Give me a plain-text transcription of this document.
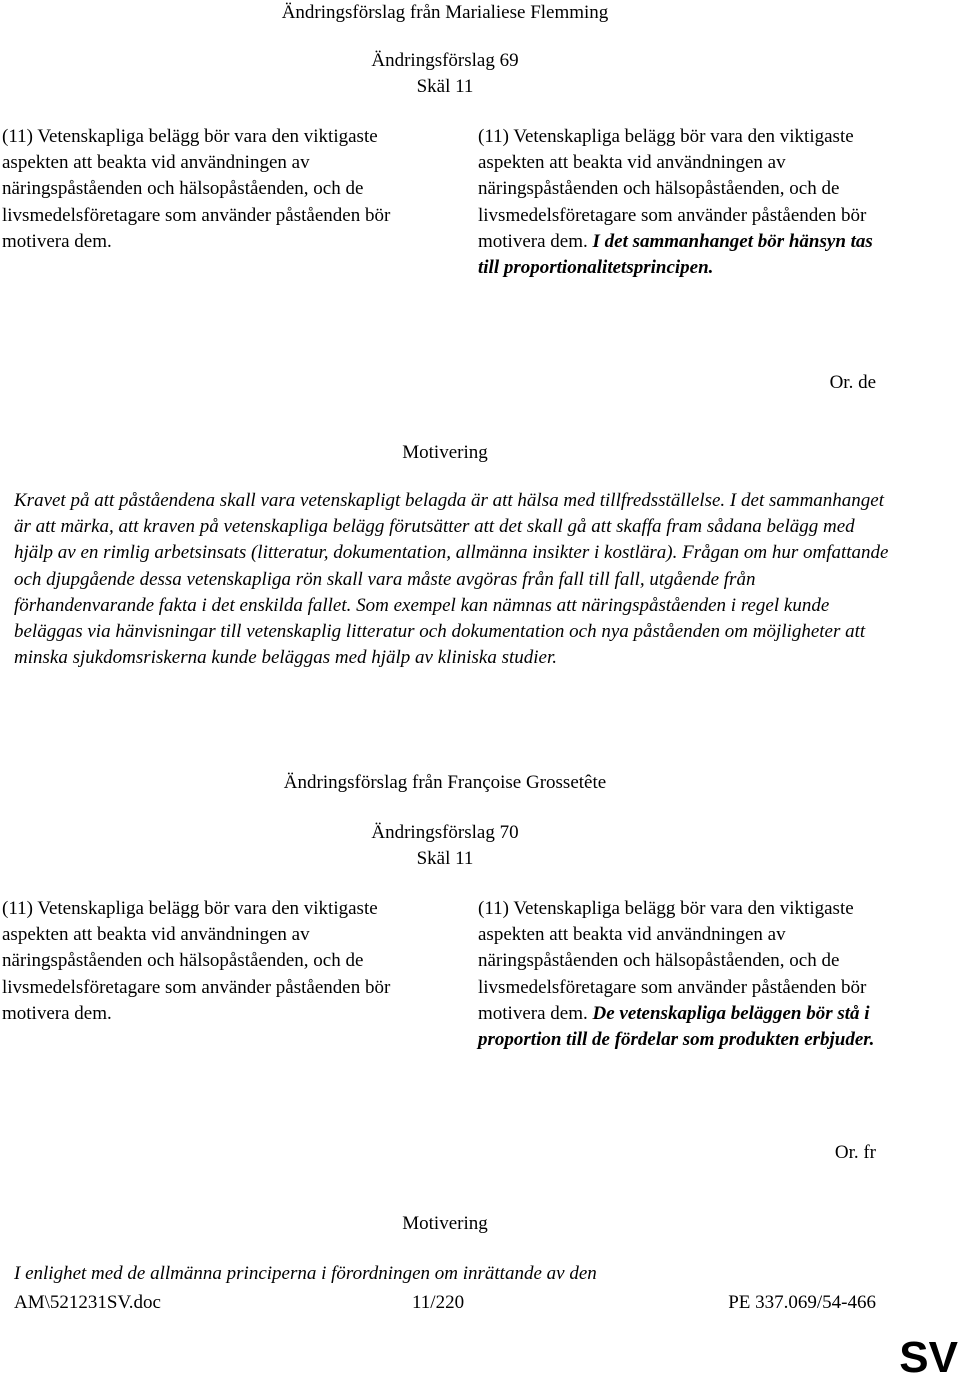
Ändringsförslag från Marialiese Flemming
Ändringsförslag 69
Skäl 11
(11) Vetenskapliga belägg bör vara den viktigaste aspekten att beakta vid användningen av näringspåståenden och hälsopåståenden, och de livsmedelsföretagare som använder påståenden bör motivera dem.
(11) Vetenskapliga belägg bör vara den viktigaste aspekten att beakta vid användningen av näringspåståenden och hälsopåståenden, och de livsmedelsföretagare som använder påståenden bör motivera dem. I det sammanhanget bör hänsyn tas till proportionalitetsprincipen.
Or. de
Motivering
Kravet på att påståendena skall vara vetenskapligt belagda är att hälsa med tillfredsställelse. I det sammanhanget är att märka, att kraven på vetenskapliga belägg förutsätter att det skall gå att skaffa fram sådana belägg med hjälp av en rimlig arbetsinsats (litteratur, dokumentation, allmänna insikter i kostlära). Frågan om hur omfattande och djupgående dessa vetenskapliga rön skall vara måste avgöras från fall till fall, utgående från förhandenvarande fakta i det enskilda fallet. Som exempel kan nämnas att näringspåståenden i regel kunde beläggas via hänvisningar till vetenskaplig litteratur och dokumentation och nya påståenden om möjligheter att minska sjukdomsriskerna kunde beläggas med hjälp av kliniska studier.
Ändringsförslag från Françoise Grossetête
Ändringsförslag 70
Skäl 11
(11) Vetenskapliga belägg bör vara den viktigaste aspekten att beakta vid användningen av näringspåståenden och hälsopåståenden, och de livsmedelsföretagare som använder påståenden bör motivera dem.
(11) Vetenskapliga belägg bör vara den viktigaste aspekten att beakta vid användningen av näringspåståenden och hälsopåståenden, och de livsmedelsföretagare som använder påståenden bör motivera dem. De vetenskapliga beläggen bör stå i proportion till de fördelar som produkten erbjuder.
Or. fr
Motivering
I enlighet med de allmänna principerna i förordningen om inrättande av den
AM\521231SV.doc	11/220	PE 337.069/54-466
SV
